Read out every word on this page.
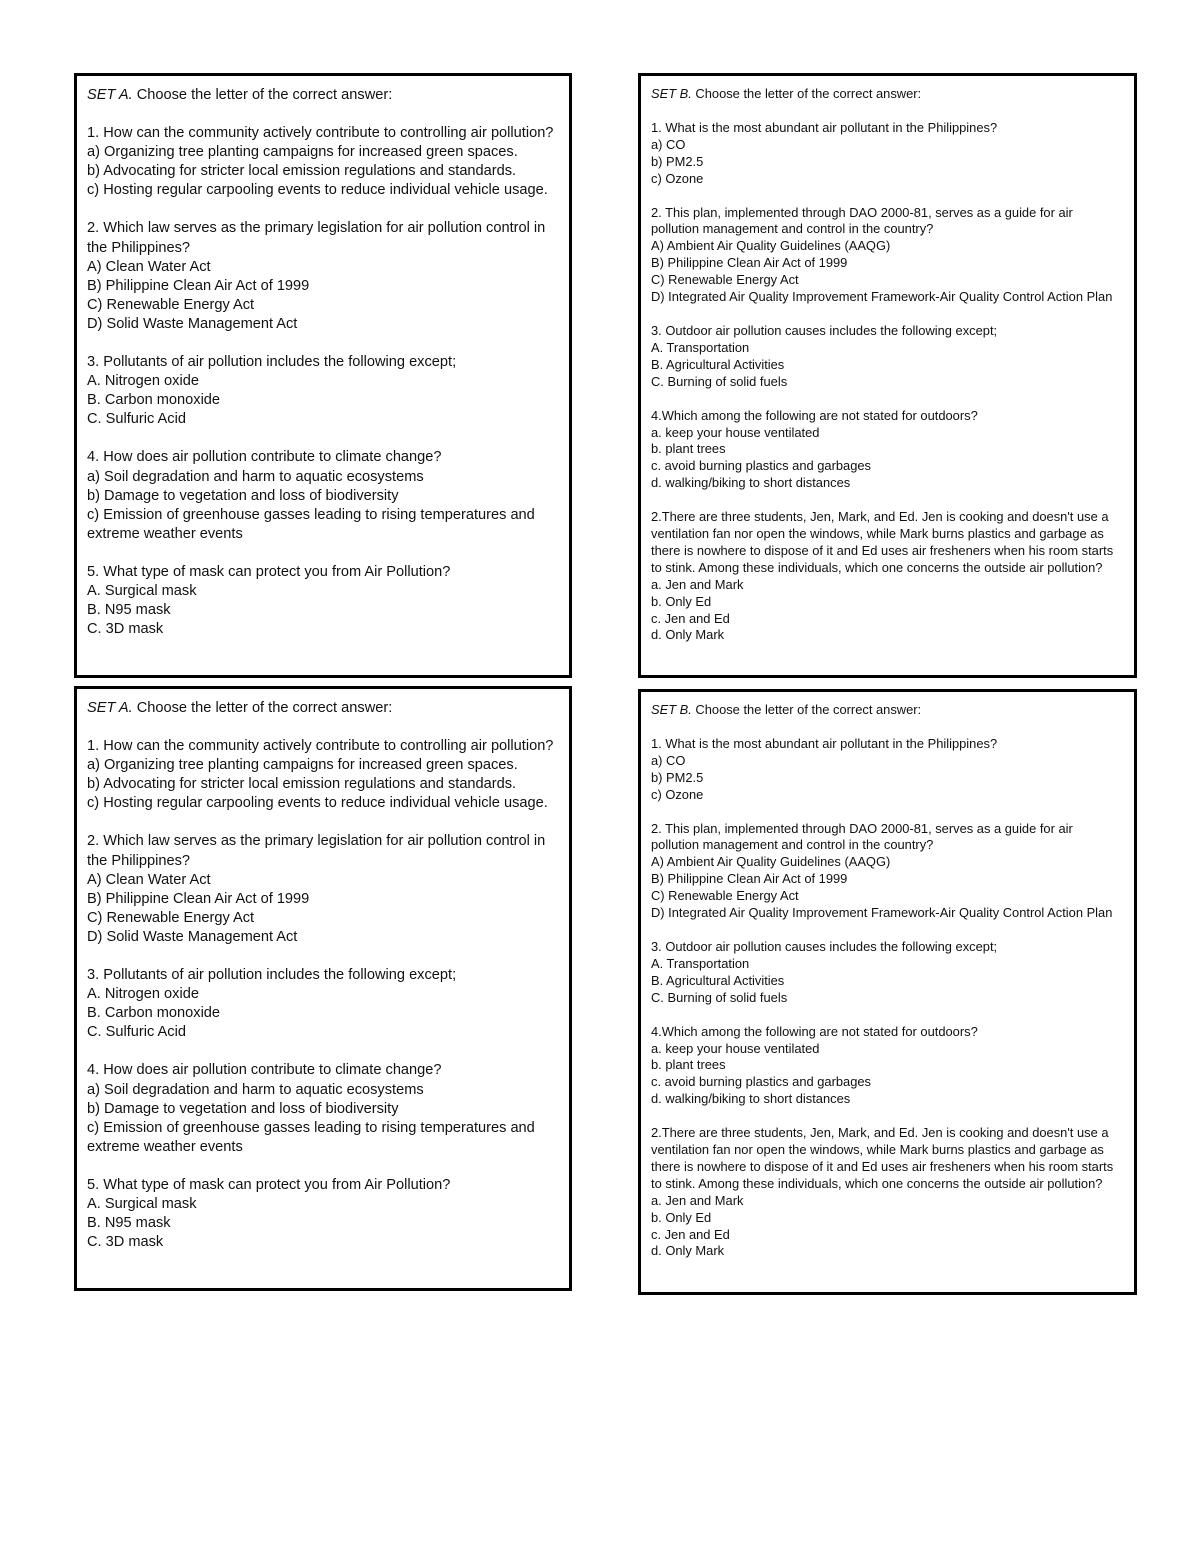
SET A. Choose the letter of the correct answer:
1. How can the community actively contribute to controlling air pollution?
a) Organizing tree planting campaigns for increased green spaces.
b) Advocating for stricter local emission regulations and standards.
c) Hosting regular carpooling events to reduce individual vehicle usage.
2. Which law serves as the primary legislation for air pollution control in the Philippines?
A) Clean Water Act
B) Philippine Clean Air Act of 1999
C) Renewable Energy Act
D) Solid Waste Management Act
3. Pollutants of air pollution includes the following except;
A. Nitrogen oxide
B. Carbon monoxide
C. Sulfuric Acid
4. How does air pollution contribute to climate change?
a) Soil degradation and harm to aquatic ecosystems
b) Damage to vegetation and loss of biodiversity
c) Emission of greenhouse gasses leading to rising temperatures and extreme weather events
5. What type of mask can protect you from Air Pollution?
A. Surgical mask
B. N95 mask
C. 3D mask
SET B. Choose the letter of the correct answer:
1. What is the most abundant air pollutant in the Philippines?
a) CO
b) PM2.5
c) Ozone
2. This plan, implemented through DAO 2000-81, serves as a guide for air pollution management and control in the country?
A) Ambient Air Quality Guidelines (AAQG)
B) Philippine Clean Air Act of 1999
C) Renewable Energy Act
D) Integrated Air Quality Improvement Framework-Air Quality Control Action Plan
3. Outdoor air pollution causes includes the following except;
A. Transportation
B. Agricultural Activities
C. Burning of solid fuels
4.Which among the following are not stated for outdoors?
a. keep your house ventilated
b. plant trees
c. avoid burning plastics and garbages
d. walking/biking to short distances
2.There are three students, Jen, Mark, and Ed. Jen is cooking and doesn't use a ventilation fan nor open the windows, while Mark burns plastics and garbage as there is nowhere to dispose of it and Ed uses air fresheners when his room starts to stink. Among these individuals, which one concerns the outside air pollution?
a. Jen and Mark
b. Only Ed
c. Jen and Ed
d. Only Mark
SET A. Choose the letter of the correct answer:
1. How can the community actively contribute to controlling air pollution?
a) Organizing tree planting campaigns for increased green spaces.
b) Advocating for stricter local emission regulations and standards.
c) Hosting regular carpooling events to reduce individual vehicle usage.
2. Which law serves as the primary legislation for air pollution control in the Philippines?
A) Clean Water Act
B) Philippine Clean Air Act of 1999
C) Renewable Energy Act
D) Solid Waste Management Act
3. Pollutants of air pollution includes the following except;
A. Nitrogen oxide
B. Carbon monoxide
C. Sulfuric Acid
4. How does air pollution contribute to climate change?
a) Soil degradation and harm to aquatic ecosystems
b) Damage to vegetation and loss of biodiversity
c) Emission of greenhouse gasses leading to rising temperatures and extreme weather events
5. What type of mask can protect you from Air Pollution?
A. Surgical mask
B. N95 mask
C. 3D mask
SET B. Choose the letter of the correct answer:
1. What is the most abundant air pollutant in the Philippines?
a) CO
b) PM2.5
c) Ozone
2. This plan, implemented through DAO 2000-81, serves as a guide for air pollution management and control in the country?
A) Ambient Air Quality Guidelines (AAQG)
B) Philippine Clean Air Act of 1999
C) Renewable Energy Act
D) Integrated Air Quality Improvement Framework-Air Quality Control Action Plan
3. Outdoor air pollution causes includes the following except;
A. Transportation
B. Agricultural Activities
C. Burning of solid fuels
4.Which among the following are not stated for outdoors?
a. keep your house ventilated
b. plant trees
c. avoid burning plastics and garbages
d. walking/biking to short distances
2.There are three students, Jen, Mark, and Ed. Jen is cooking and doesn't use a ventilation fan nor open the windows, while Mark burns plastics and garbage as there is nowhere to dispose of it and Ed uses air fresheners when his room starts to stink. Among these individuals, which one concerns the outside air pollution?
a. Jen and Mark
b. Only Ed
c. Jen and Ed
d. Only Mark
